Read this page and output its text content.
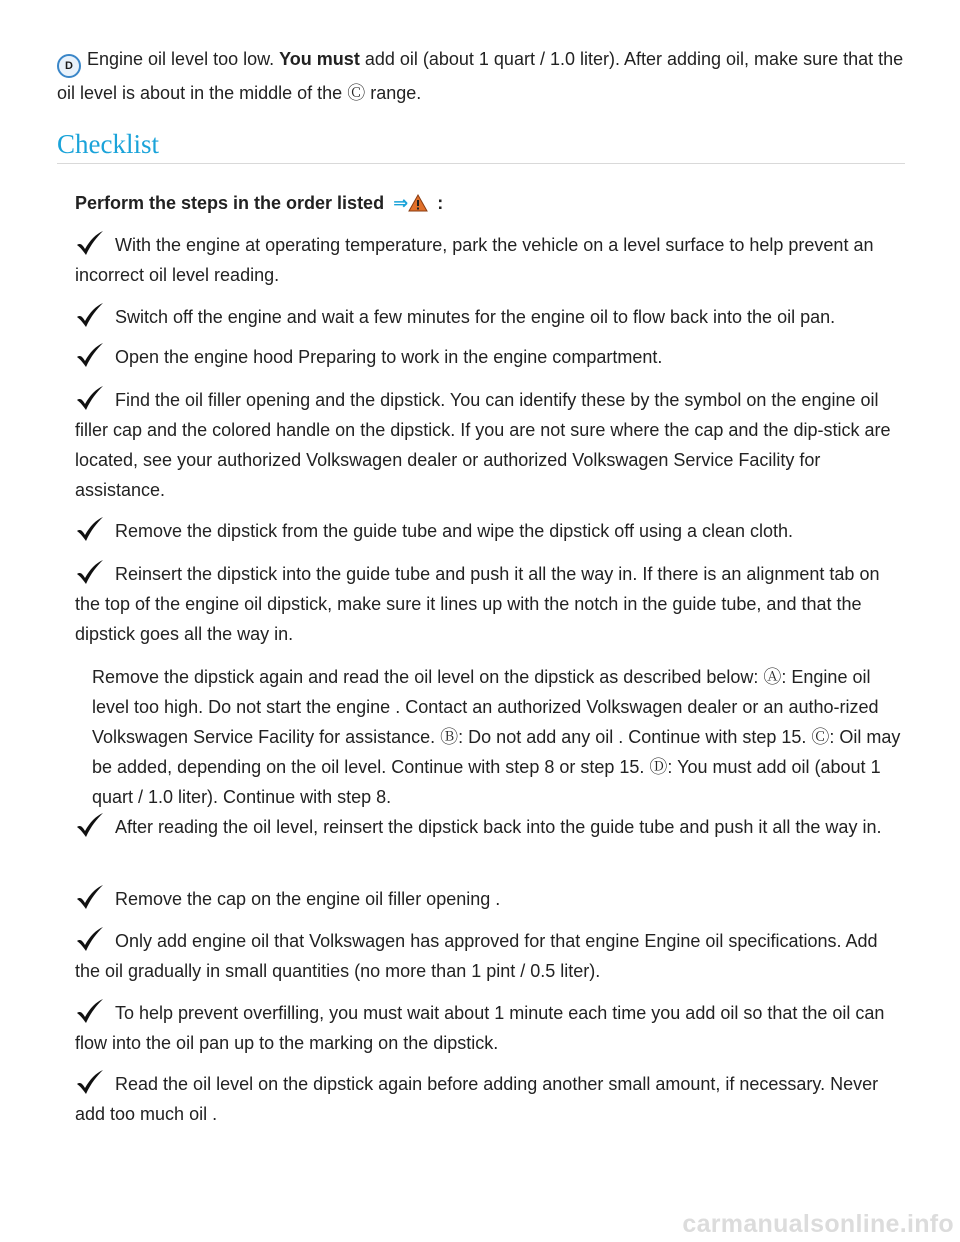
D Engine oil level too low. You must add oil (about 1 quart / 1.0 liter). After adding oil, make sure that the oil level is about in the middle of the Ⓒ range.

Checklist

Perform the steps in the order listed ⇒ :

With the engine at operating temperature, park the vehicle on a level surface to help prevent an incorrect oil level reading.

Switch off the engine and wait a few minutes for the engine oil to flow back into the oil pan.

Open the engine hood Preparing to work in the engine compartment.

Find the oil filler opening and the dipstick. You can identify these by the symbol on the engine oil filler cap and the colored handle on the dipstick. If you are not sure where the cap and the dip-stick are located, see your authorized Volkswagen dealer or authorized Volkswagen Service Facility for assistance.

Remove the dipstick from the guide tube and wipe the dipstick off using a clean cloth.

Reinsert the dipstick into the guide tube and push it all the way in. If there is an alignment tab on the top of the engine oil dipstick, make sure it lines up with the notch in the guide tube, and that the dipstick goes all the way in.

Remove the dipstick again and read the oil level on the dipstick as described below: Ⓐ: Engine oil level too high. Do not start the engine . Contact an authorized Volkswagen dealer or an autho-rized Volkswagen Service Facility for assistance. Ⓑ: Do not add any oil . Continue with step 15. Ⓒ: Oil may be added, depending on the oil level. Continue with step 8 or step 15. Ⓓ: You must add oil (about 1 quart / 1.0 liter). Continue with step 8.

After reading the oil level, reinsert the dipstick back into the guide tube and push it all the way in.

Remove the cap on the engine oil filler opening .

Only add engine oil that Volkswagen has approved for that engine Engine oil specifications. Add the oil gradually in small quantities (no more than 1 pint / 0.5 liter).

To help prevent overfilling, you must wait about 1 minute each time you add oil so that the oil can flow into the oil pan up to the marking on the dipstick.

Read the oil level on the dipstick again before adding another small amount, if necessary. Never add too much oil .

carmanualsonline.info
